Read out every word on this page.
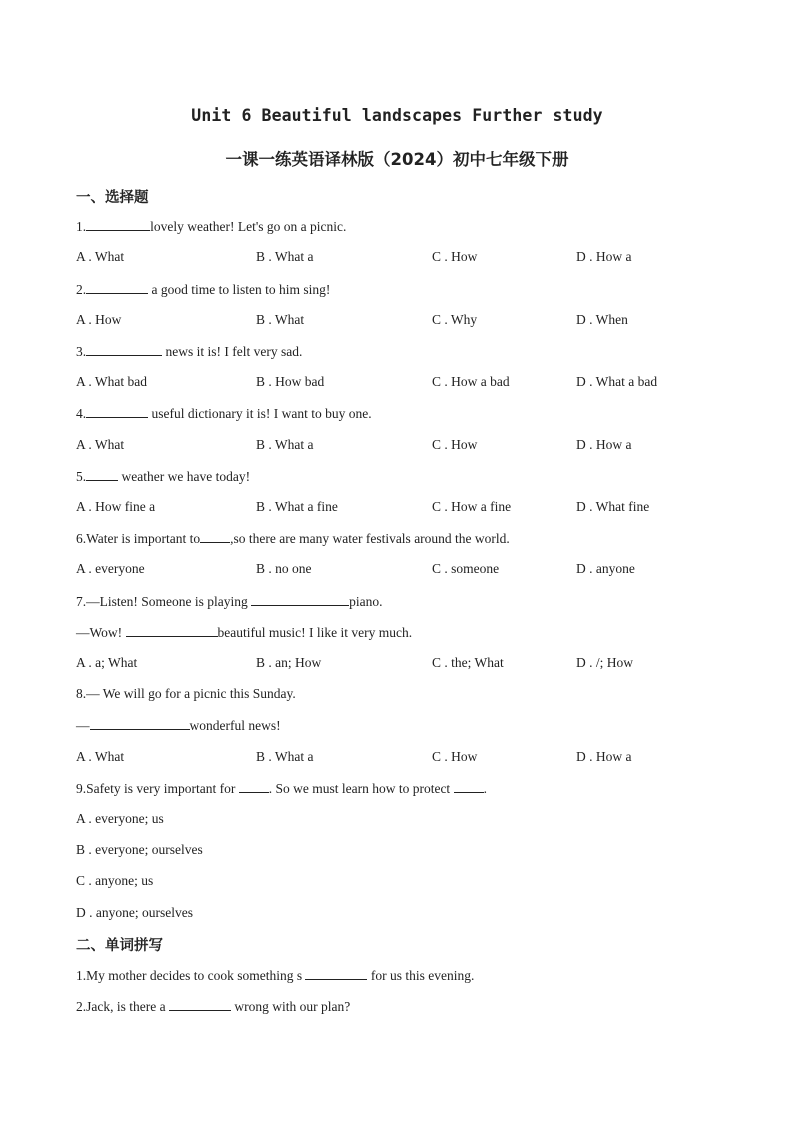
Unit 6 Beautiful landscapes Further study
一课一练英语译林版（2024）初中七年级下册
一、选择题
1.	lovely weather! Let's go on a picnic.
A . What	B . What a	C . How	D . How a
2.	a good time to listen to him sing!
A . How	B . What	C . Why	D . When
3.	news it is! I felt very sad.
A . What bad	B . How bad	C . How a bad	D . What a bad
4.	useful dictionary it is! I want to buy one.
A . What	B . What a	C . How	D . How a
5. weather we have today!
A . How fine a	B . What a fine	C . How a fine	D . What fine
6.Water is important to ,so there are many water festivals around the world.
A . everyone	B . no one	C . someone	D . anyone
7.—Listen! Someone is playing	piano.
—Wow!	beautiful music! I like it very much.
A . a; What	B . an; How	C . the; What	D . /; How
8.— We will go for a picnic this Sunday.
—	wonderful news!
A . What	B . What a	C . How	D . How a
9.Safety is very important for . So we must learn how to protect .
A . everyone; us
B . everyone; ourselves
C . anyone; us
D . anyone; ourselves
二、单词拼写
1.My mother decides to cook something s	for us this evening.
2.Jack, is there a	wrong with our plan?
